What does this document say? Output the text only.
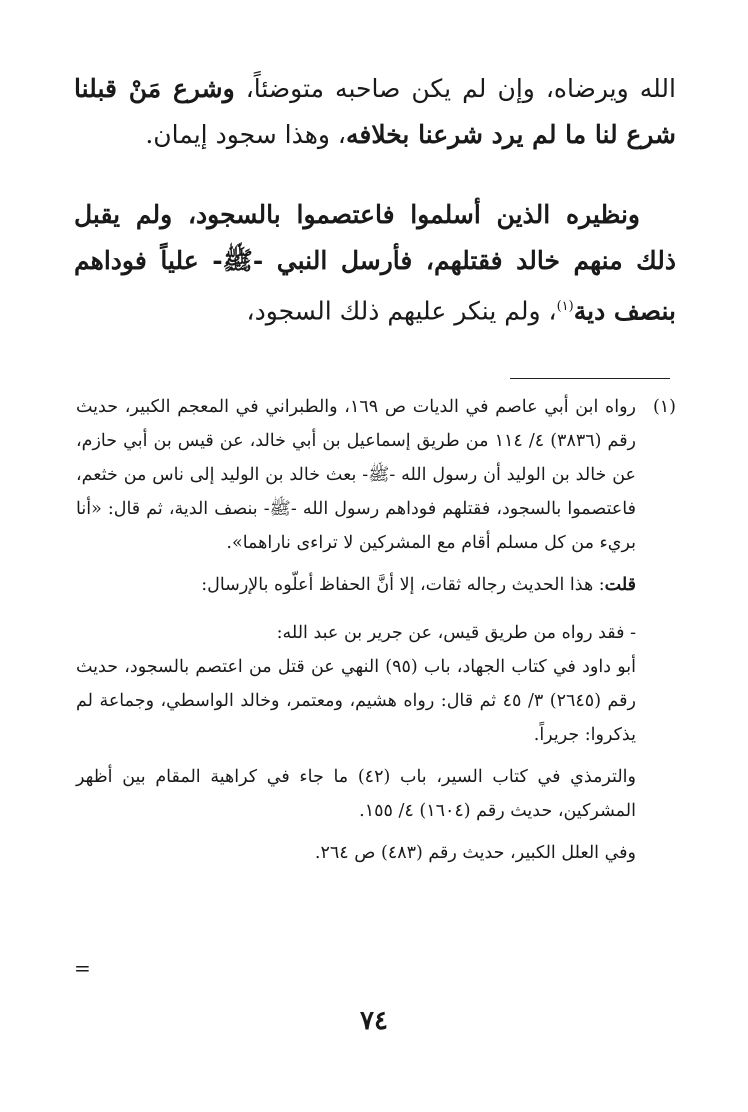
الله ويرضاه، وإن لم يكن صاحبه متوضئاً، وشرع مَنْ قبلنا شرع لنا ما لم يرد شرعنا بخلافه، وهذا سجود إيمان.

ونظيره الذين أسلموا فاعتصموا بالسجود، ولم يقبل ذلك منهم خالد فقتلهم، فأرسل النبي -ﷺ- علياً فوداهم بنصف دية$^{(١)}$، ولم ينكر عليهم ذلك السجود،

(١)
رواه ابن أبي عاصم في الديات ص ١٦٩، والطبراني في المعجم الكبير، حديث رقم (٣٨٣٦) ٤/ ١١٤ من طريق إسماعيل بن أبي خالد، عن قيس بن أبي حازم، عن خالد بن الوليد أن رسول الله -ﷺ- بعث خالد بن الوليد إلى ناس من خثعم، فاعتصموا بالسجود، فقتلهم فوداهم رسول الله -ﷺ- بنصف الدية، ثم قال: «أنا بريء من كل مسلم أقام مع المشركين لا تراءى ناراهما».

قلت: هذا الحديث رجاله ثقات، إلا أنَّ الحفاظ أعلّوه بالإرسال:

- فقد رواه من طريق قيس، عن جرير بن عبد الله:

أبو داود في كتاب الجهاد، باب (٩٥) النهي عن قتل من اعتصم بالسجود، حديث رقم (٢٦٤٥) ٣/ ٤٥ ثم قال: رواه هشيم، ومعتمر، وخالد الواسطي، وجماعة لم يذكروا: جريراً.

والترمذي في كتاب السير، باب (٤٢) ما جاء في كراهية المقام بين أظهر المشركين، حديث رقم (١٦٠٤) ٤/ ١٥٥.

وفي العلل الكبير، حديث رقم (٤٨٣) ص ٢٦٤.

=
٧٤
